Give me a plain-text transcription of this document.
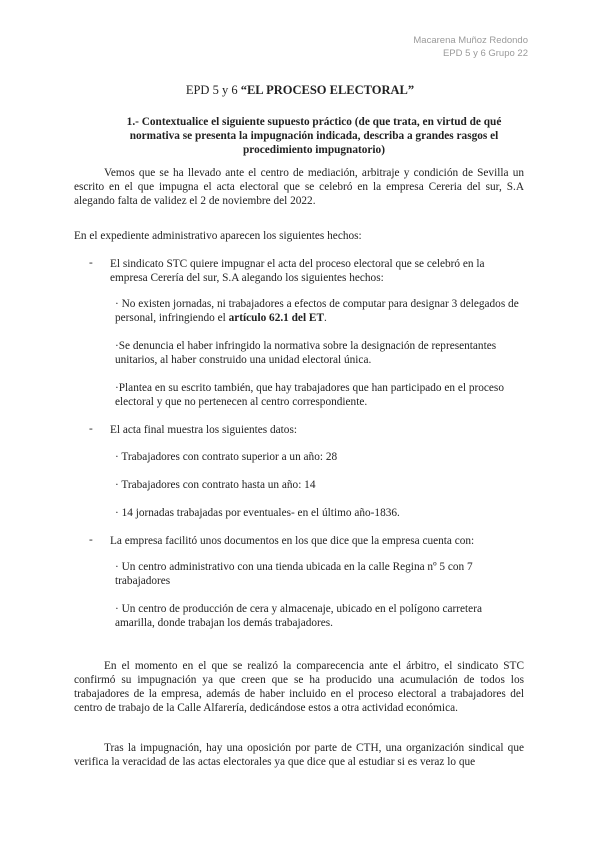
Macarena Muñoz Redondo
EPD 5 y 6 Grupo 22
EPD 5 y 6 “EL PROCESO ELECTORAL”
1.- Contextualice el siguiente supuesto práctico (de que trata, en virtud de qué normativa se presenta la impugnación indicada, describa a grandes rasgos el procedimiento impugnatorio)
Vemos que se ha llevado ante el centro de mediación, arbitraje y condición de Sevilla un escrito en el que impugna el acta electoral que se celebró en la empresa Cereria del sur, S.A alegando falta de validez el 2 de noviembre del 2022.
En el expediente administrativo aparecen los siguientes hechos:
- El sindicato STC quiere impugnar el acta del proceso electoral que se celebró en la empresa Cerería del sur, S.A alegando los siguientes hechos:
· No existen jornadas, ni trabajadores a efectos de computar para designar 3 delegados de personal, infringiendo el artículo 62.1 del ET.
·Se denuncia el haber infringido la normativa sobre la designación de representantes unitarios, al haber construido una unidad electoral única.
·Plantea en su escrito también, que hay trabajadores que han participado en el proceso electoral y que no pertenecen al centro correspondiente.
- El acta final muestra los siguientes datos:
· Trabajadores con contrato superior a un año: 28
· Trabajadores con contrato hasta un año: 14
· 14 jornadas trabajadas por eventuales- en el último año-1836.
- La empresa facilitó unos documentos en los que dice que la empresa cuenta con:
· Un centro administrativo con una tienda ubicada en la calle Regina nº 5 con 7 trabajadores
· Un centro de producción de cera y almacenaje, ubicado en el polígono carretera amarilla, donde trabajan los demás trabajadores.
En el momento en el que se realizó la comparecencia ante el árbitro, el sindicato STC confirmó su impugnación ya que creen que se ha producido una acumulación de todos los trabajadores de la empresa, además de haber incluido en el proceso electoral a trabajadores del centro de trabajo de la Calle Alfarería, dedicándose estos a otra actividad económica.
Tras la impugnación, hay una oposición por parte de CTH, una organización sindical que verifica la veracidad de las actas electorales ya que dice que al estudiar si es veraz lo que
